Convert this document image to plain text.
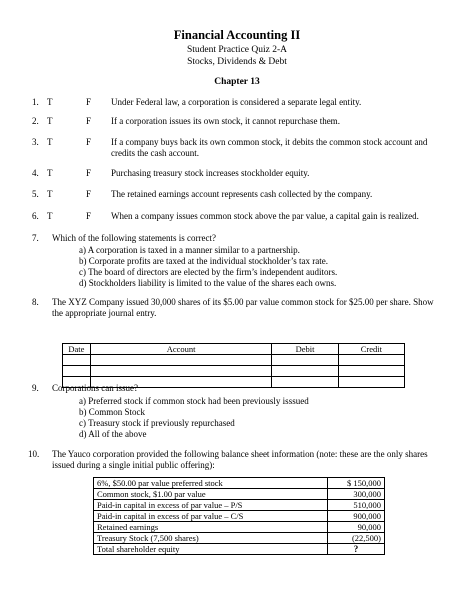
Financial Accounting II
Student Practice Quiz 2-A
Stocks, Dividends & Debt
Chapter 13
1. T	F Under Federal law, a corporation is considered a separate legal entity.
2. T	F If a corporation issues its own stock, it cannot repurchase them.
3. T	F If a company buys back its own common stock, it debits the common stock account and credits the cash account.
4. T	F Purchasing treasury stock increases stockholder equity.
5. T	F The retained earnings account represents cash collected by the company.
6. T	F When a company issues common stock above the par value, a capital gain is realized.
7.	Which of the following statements is correct?
a) A corporation is taxed in a manner similar to a partnership.
b) Corporate profits are taxed at the individual stockholder’s tax rate.
c) The board of directors are elected by the firm’s independent auditors.
d) Stockholders liability is limited to the value of the shares each owns.
8.	The XYZ Company issued 30,000 shares of its $5.00 par value common stock for $25.00 per share. Show the appropriate journal entry.
Date	Account	Debit	Credit

9.	Corporations can issue?
a) Preferred stock if common stock had been previously isssued
b) Common Stock
c) Treasury stock if previously repurchased
d) All of the above
10.	The Yauco corporation provided the following balance sheet information (note: these are the only shares issued during a single initial public offering):
6%, $50.00 par value preferred stock	$ 150,000
Common stock, $1.00 par value	300,000
Paid-in capital in excess of par value – P/S	510,000
Paid-in capital in excess of par value – C/S	900,000
Retained earnings	90,000
Treasury Stock (7,500 shares)	(22,500)
Total shareholder equity	?
